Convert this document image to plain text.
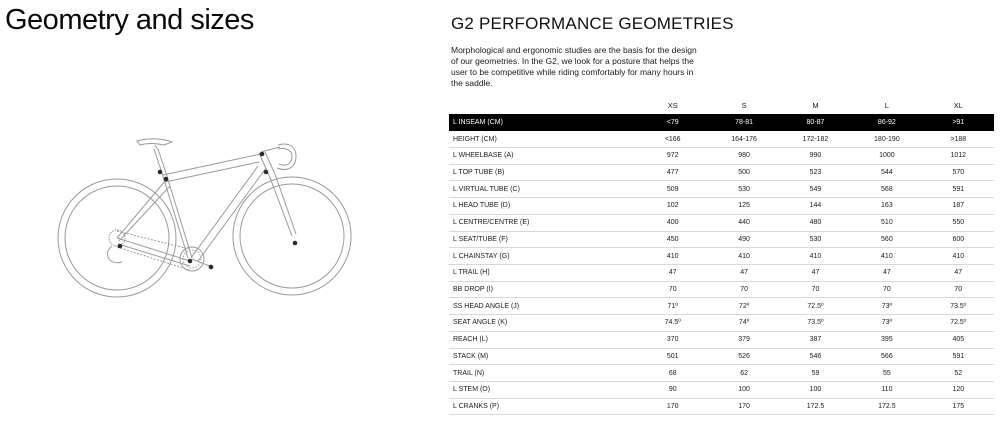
Geometry and sizes	G2 PERFORMANCE GEOMETRIES

Morphological and ergonomic studies are the basis for the design of our geometries. In the G2, we look for a posture that helps the user to be competitive while riding comfortably for many hours in the saddle.

	XS	S	M	L	XL
L INSEAM (CM)	<79	78-81	80-87	86-92	>91
HEIGHT (CM)	<166	164-176	172-182	180-190	>188
L WHEELBASE (A)	972	980	990	1000	1012
L TOP TUBE (B)	477	500	523	544	570
L VIRTUAL TUBE (C)	509	530	549	568	591
L HEAD TUBE (D)	102	125	144	163	187
L CENTRE/CENTRE (E)	400	440	480	510	550
L SEAT/TUBE (F)	450	490	530	560	600
L CHAINSTAY (G)	410	410	410	410	410
L TRAIL (H)	47	47	47	47	47
BB DROP (I)	70	70	70	70	70
SS HEAD ANGLE (J)	71º	72º	72.5º	73º	73.5º
SEAT ANGLE (K)	74.5º	74º	73.5º	73º	72.5º
REACH (L)	370	379	387	395	405
STACK (M)	501	526	546	566	591
TRAIL (N)	68	62	59	55	52
L STEM (O)	90	100	100	110	120
L CRANKS (P)	170	170	172.5	172.5	175
